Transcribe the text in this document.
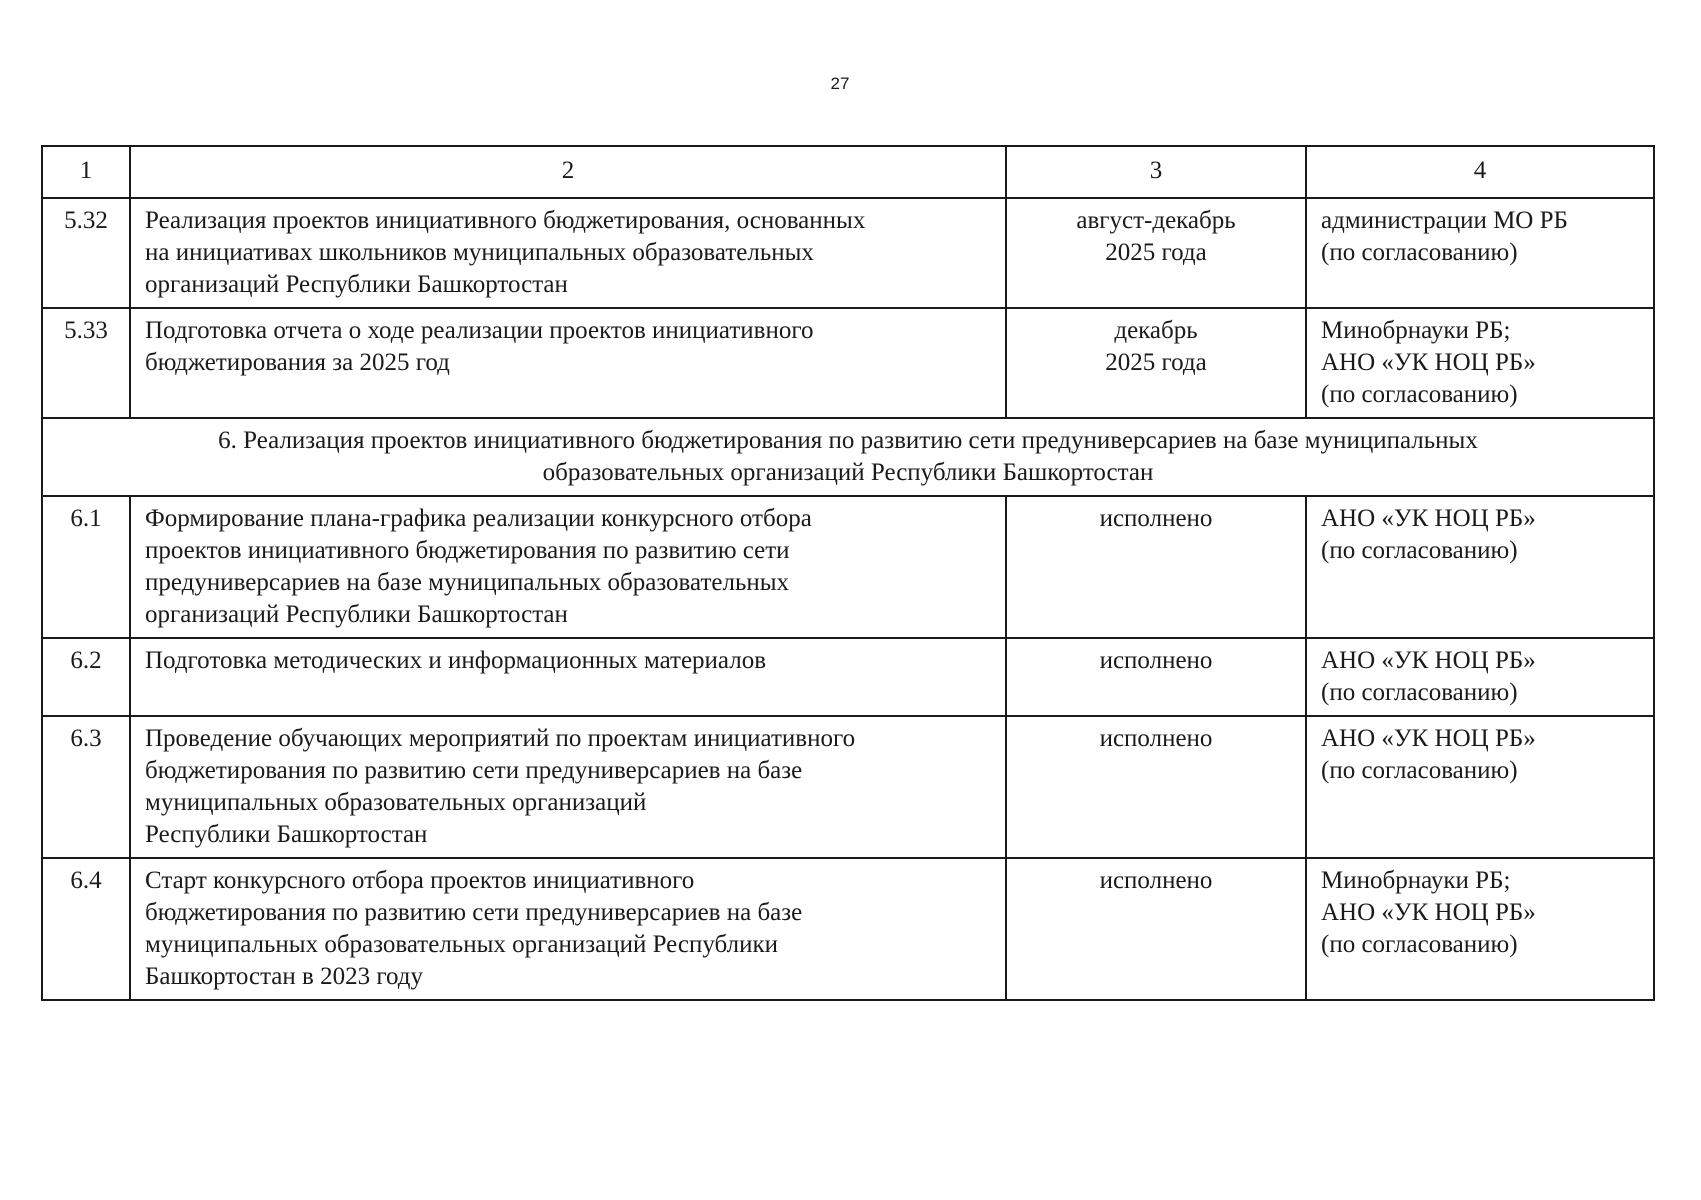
27
1	2	3	4
5.32	Реализация проектов инициативного бюджетирования, основанных
на инициативах школьников муниципальных образовательных
организаций Республики Башкортостан	август-декабрь
2025 года	администрации МО РБ
(по согласованию)

5.33	Подготовка отчета о ходе реализации проектов инициативного
бюджетирования за 2025 год	декабрь
2025 года	Минобрнауки РБ;
АНО «УК НОЦ РБ»
(по согласованию)

6. Реализация проектов инициативного бюджетирования по развитию сети предуниверсариев на базе муниципальных
образовательных организаций Республики Башкортостан			

6.1	Формирование плана-графика реализации конкурсного отбора
проектов инициативного бюджетирования по развитию сети
предуниверсариев на базе муниципальных образовательных
организаций Республики Башкортостан	исполнено	АНО «УК НОЦ РБ»
(по согласованию)

6.2	Подготовка методических и информационных материалов	исполнено	АНО «УК НОЦ РБ»
(по согласованию)

6.3	Проведение обучающих мероприятий по проектам инициативного
бюджетирования по развитию сети предуниверсариев на базе
муниципальных образовательных организаций
Республики Башкортостан	исполнено	АНО «УК НОЦ РБ»
(по согласованию)

6.4	Старт конкурсного отбора проектов инициативного
бюджетирования по развитию сети предуниверсариев на базе
муниципальных образовательных организаций Республики
Башкортостан в 2023 году	исполнено	Минобрнауки РБ;
АНО «УК НОЦ РБ»
(по согласованию)
